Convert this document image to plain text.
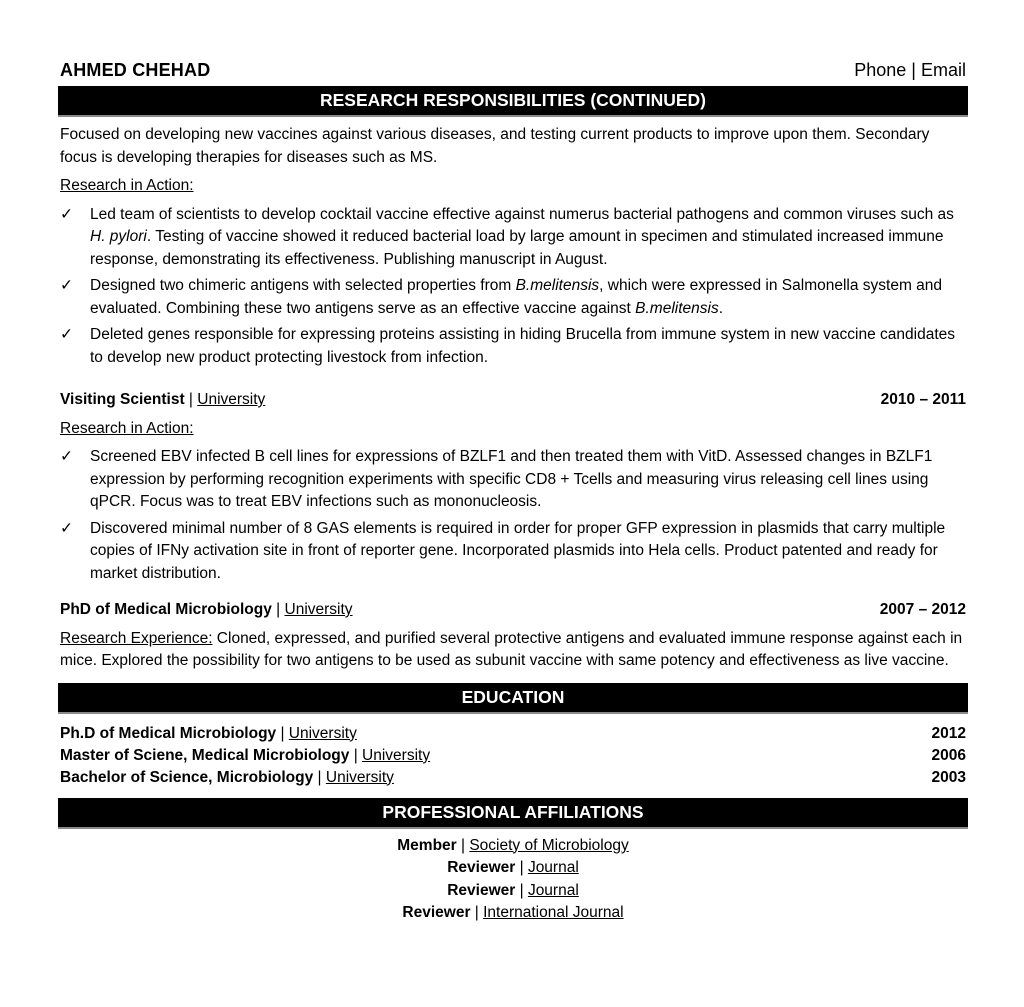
AHMED CHEHAD	Phone | Email
RESEARCH RESPONSIBILITIES (CONTINUED)

Focused on developing new vaccines against various diseases, and testing current products to improve upon them. Secondary focus is developing therapies for diseases such as MS.

Research in Action:

✓ Led team of scientists to develop cocktail vaccine effective against numerus bacterial pathogens and common viruses such as H. pylori. Testing of vaccine showed it reduced bacterial load by large amount in specimen and stimulated increased immune response, demonstrating its effectiveness. Publishing manuscript in August.
✓ Designed two chimeric antigens with selected properties from B.melitensis, which were expressed in Salmonella system and evaluated. Combining these two antigens serve as an effective vaccine against B.melitensis.
✓ Deleted genes responsible for expressing proteins assisting in hiding Brucella from immune system in new vaccine candidates to develop new product protecting livestock from infection.
Visiting Scientist | University	2010 – 2011

Research in Action:

✓ Screened EBV infected B cell lines for expressions of BZLF1 and then treated them with VitD. Assessed changes in BZLF1 expression by performing recognition experiments with specific CD8 + Tcells and measuring virus releasing cell lines using qPCR. Focus was to treat EBV infections such as mononucleosis.
✓ Discovered minimal number of 8 GAS elements is required in order for proper GFP expression in plasmids that carry multiple copies of IFNy activation site in front of reporter gene. Incorporated plasmids into Hela cells. Product patented and ready for market distribution.
PhD of Medical Microbiology | University	2007 – 2012

Research Experience: Cloned, expressed, and purified several protective antigens and evaluated immune response against each in mice. Explored the possibility for two antigens to be used as subunit vaccine with same potency and effectiveness as live vaccine.

EDUCATION
Ph.D of Medical Microbiology | University	2012
Master of Sciene, Medical Microbiology | University	2006
Bachelor of Science, Microbiology | University	2003
PROFESSIONAL AFFILIATIONS
Member | Society of Microbiology
Reviewer | Journal
Reviewer | Journal
Reviewer | International Journal
